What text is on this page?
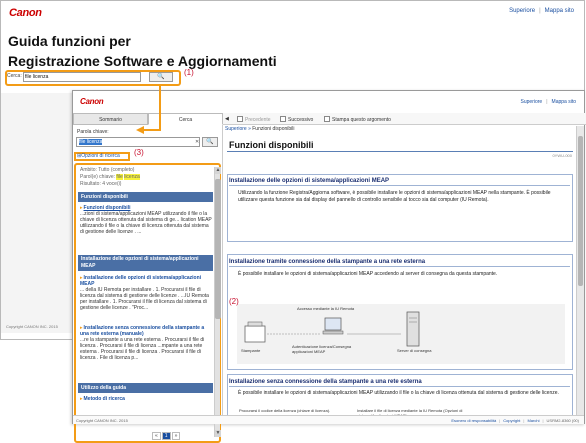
Canon	Superiore | Mappa sito
Guida funzioni per
Registrazione Software e Aggiornamenti
Cerca: file licenza	🔍
Copyright CANON INC. 2015
(1)
Canon	Superiore | Mappa sito
Sommario	Cerca	◀	Precedente	Successivo	Stampa questo argomento
Parola chiave:
file licenza	✕	🔍
⊞Opzioni di ricerca
Ambito: Tutto (completo)
Parol(e) chiave: file licenza
Risultato: 4 voce(i)
Funzioni disponibili
▸Funzioni disponibili
...zioni di sistema/applicazioni MEAP utilizzando il file o la chiave di licenza ottenuta dal sistema di ge... lication MEAP utilizzando il file o la chiave di licenza ottenuta dal sistema di gestione delle licenze . ...
Installazione delle opzioni di sistema/applicazioni MEAP
▸Installazione delle opzioni di sistema/applicazioni MEAP
... della IU Remota per installare . 1. Procurarsi il file di licenza dal sistema di gestione delle licenze . ...IU Remota per installare . 1. Procurarsi il file di licenza dal sistema di gestione delle licenze . "Proc...
▸Installazione senza connessione della stampante a una rete esterna (manuale)
...re la stampante a una rete esterna . Procurarsi il file di licenza . Procurarsi il file di licenza ...mpante a una rete esterna . Procurarsi il file di licenza . Procurarsi il file di licenza . File di licenza p...
Utilizzo della guida
▸Metodo di ricerca
▲
▼
« 1 »
Superiore » Funzioni disponibili
Funzioni disponibili
0YWU-000
Installazione delle opzioni di sistema/applicazioni MEAP
Utilizzando la funzione Registra/Aggiorna software, è possibile installare le opzioni di sistema/applicazioni MEAP nella stampante. È possibile utilizzare questa funzione sia dal display del pannello di controllo sensibile al tocco sia dal computer (IU Remota).
Installazione tramite connessione della stampante a una rete esterna
È possibile installare le opzioni di sistema/applicazioni MEAP accedendo al server di consegna da questa stampante.
Accesso mediante la IU Remota
Stampante
Autenticazione licenza/Consegna applicazioni MEAP	Server di consegna
Installazione senza connessione della stampante a una rete esterna
È possibile installare le opzioni di sistema/applicazioni MEAP utilizzando il file o la chiave di licenza ottenuta dal sistema di gestione delle licenze.
Procurarsi il codice della licenza (chiave di licenza).	Installare il file di licenza mediante la IU Remota (Opzioni di
Copyright CANON INC. 2015	Esonero di responsabilità | Copyright | Marchi | USRM2-8360 (00)
(2)
(3)
